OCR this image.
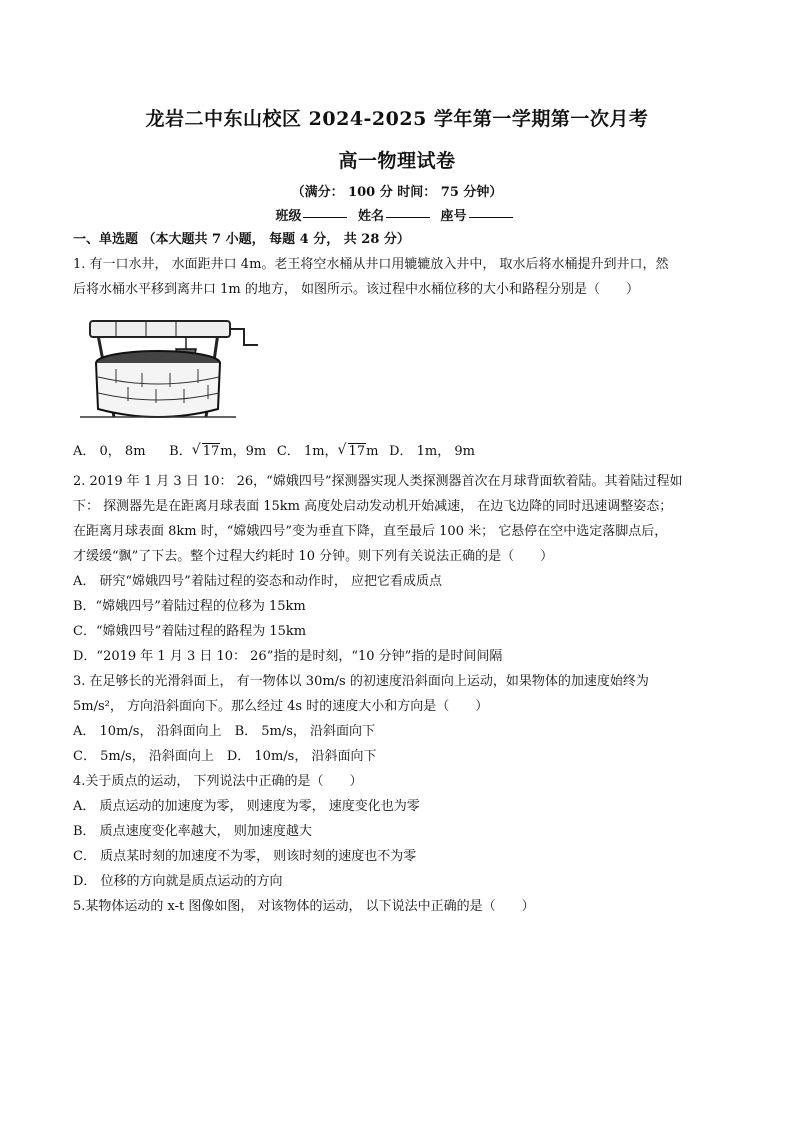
龙岩二中东山校区 2024-2025 学年第一学期第一次月考
高一物理试卷
（满分： 100 分 时间： 75 分钟）
班级	姓名	座号
一、单选题 （本大题共 7 小题， 每题 4 分， 共 28 分）
1. 有一口水井， 水面距井口 4m。老王将空水桶从井口用辘辘放入井中， 取水后将水桶提升到井口，然
后将水桶水平移到离井口 1m 的地方， 如图所示。该过程中水桶位移的大小和路程分别是（　　）
A． 0， 8m   B． √ 17m，9m  C． 1m， √ 17m  D． 1m， 9m
2. 2019 年 1 月 3 日 10： 26，“嫦娥四号”探测器实现人类探测器首次在月球背面软着陆。其着陆过程如
下： 探测器先是在距离月球表面 15km 高度处启动发动机开始减速， 在边飞边降的同时迅速调整姿态；
在距离月球表面 8km 时，“嫦娥四号”变为垂直下降，直至最后 100 米； 它悬停在空中选定落脚点后，
才缓缓“飘”了下去。整个过程大约耗时 10 分钟。则下列有关说法正确的是（　　）
A． 研究“嫦娥四号”着陆过程的姿态和动作时， 应把它看成质点
B．“嫦娥四号”着陆过程的位移为 15km
C．“嫦娥四号”着陆过程的路程为 15km
D．“2019 年 1 月 3 日 10： 26”指的是时刻，“10 分钟”指的是时间间隔
3. 在足够长的光滑斜面上， 有一物体以 30m/s 的初速度沿斜面向上运动，如果物体的加速度始终为
5m/s²， 方向沿斜面向下。那么经过 4s 时的速度大小和方向是（　　）
A． 10m/s， 沿斜面向上　B． 5m/s， 沿斜面向下
C． 5m/s， 沿斜面向上　D． 10m/s， 沿斜面向下
4.关于质点的运动， 下列说法中正确的是（　　）
A． 质点运动的加速度为零， 则速度为零， 速度变化也为零
B． 质点速度变化率越大， 则加速度越大
C． 质点某时刻的加速度不为零， 则该时刻的速度也不为零
D． 位移的方向就是质点运动的方向
5.某物体运动的 x-t 图像如图， 对该物体的运动， 以下说法中正确的是（　　）
